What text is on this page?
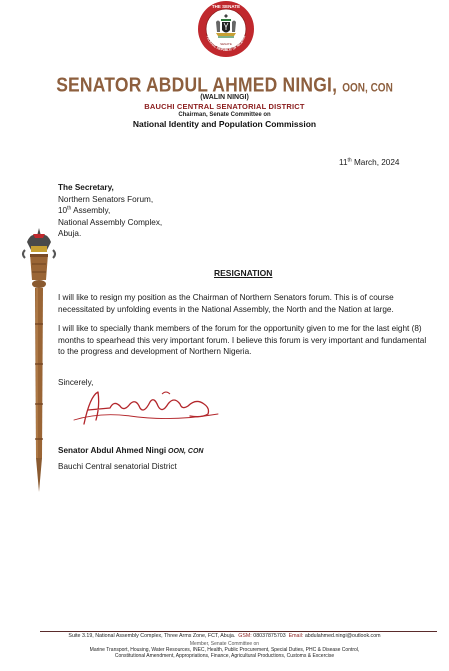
SENATE
THE SENATE
FEDERAL REPUBLIC OF NIGERIA
SENATOR ABDUL AHMED NINGI, OON, CON
(WALIN NINGI)
BAUCHI CENTRAL SENATORIAL DISTRICT
Chairman, Senate Committee on
National Identity and Population Commission
11th March, 2024
The Secretary,
Northern Senators Forum,
10th Assembly,
National Assembly Complex,
Abuja.
RESIGNATION
I will like to resign my position as the Chairman of Northern Senators forum. This is of course necessitated by unfolding events in the National Assembly, the North and the Nation at large.
I will like to specially thank members of the forum for the opportunity given to me for the last eight (8) months to spearhead this very important forum. I believe this forum is very important and fundamental to the progress and development of Northern Nigeria.
Sincerely,
Senator Abdul Ahmed Ningi OON, CON
Bauchi Central senatorial District
Suite 3.19, National Assembly Complex, Three Arms Zone, FCT, Abuja. GSM: 08037875703 Email: abdulahmed.ningi@outlook.com
Member, Senate Committee on
Marine Transport, Housing, Water Resources, INEC, Health, Public Procurement, Special Duties, PHC & Disease Control,
Constitutional Amendment, Appropriations, Finance, Agricultural Productions, Customs & Excercise
